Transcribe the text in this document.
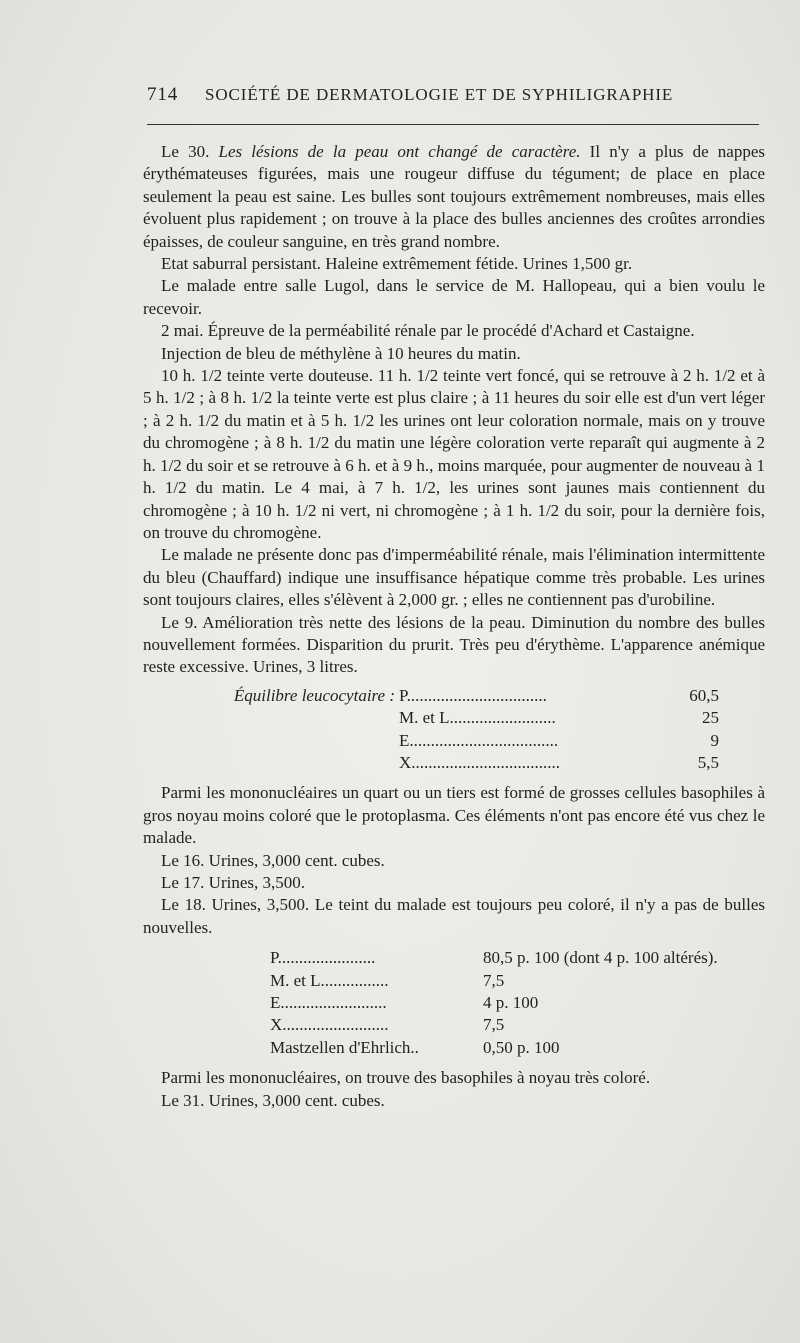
714 SOCIÉTÉ DE DERMATOLOGIE ET DE SYPHILIGRAPHIE

Le 30. Les lésions de la peau ont changé de caractère. Il n'y a plus de nappes érythémateuses figurées, mais une rougeur diffuse du tégument; de place en place seulement la peau est saine. Les bulles sont toujours extrêmement nombreuses, mais elles évoluent plus rapidement ; on trouve à la place des bulles anciennes des croûtes arrondies épaisses, de couleur sanguine, en très grand nombre.

Etat saburral persistant. Haleine extrêmement fétide. Urines 1,500 gr.

Le malade entre salle Lugol, dans le service de M. Hallopeau, qui a bien voulu le recevoir.

2 mai. Épreuve de la perméabilité rénale par le procédé d'Achard et Castaigne.

Injection de bleu de méthylène à 10 heures du matin.

10 h. 1/2 teinte verte douteuse. 11 h. 1/2 teinte vert foncé, qui se retrouve à 2 h. 1/2 et à 5 h. 1/2 ; à 8 h. 1/2 la teinte verte est plus claire ; à 11 heures du soir elle est d'un vert léger ; à 2 h. 1/2 du matin et à 5 h. 1/2 les urines ont leur coloration normale, mais on y trouve du chromogène ; à 8 h. 1/2 du matin une légère coloration verte reparaît qui augmente à 2 h. 1/2 du soir et se retrouve à 6 h. et à 9 h., moins marquée, pour augmenter de nouveau à 1 h. 1/2 du matin. Le 4 mai, à 7 h. 1/2, les urines sont jaunes mais contiennent du chromogène ; à 10 h. 1/2 ni vert, ni chromogène ; à 1 h. 1/2 du soir, pour la dernière fois, on trouve du chromogène.

Le malade ne présente donc pas d'imperméabilité rénale, mais l'élimination intermittente du bleu (Chauffard) indique une insuffisance hépatique comme très probable. Les urines sont toujours claires, elles s'élèvent à 2,000 gr. ; elles ne contiennent pas d'urobiline.

Le 9. Amélioration très nette des lésions de la peau. Diminution du nombre des bulles nouvellement formées. Disparition du prurit. Très peu d'érythème. L'apparence anémique reste excessive. Urines, 3 litres.

Équilibre leucocytaire : P.................................	60,5
M. et L.........................	25
E...................................	9
X...................................	5,5

Parmi les mononucléaires un quart ou un tiers est formé de grosses cellules basophiles à gros noyau moins coloré que le protoplasma. Ces éléments n'ont pas encore été vus chez le malade.

Le 16. Urines, 3,000 cent. cubes.

Le 17. Urines, 3,500.

Le 18. Urines, 3,500. Le teint du malade est toujours peu coloré, il n'y a pas de bulles nouvelles.

P.......................	80,5 p. 100 (dont 4 p. 100 altérés).
M. et L................	7,5
E.........................	4 p. 100
X.........................	7,5
Mastzellen d'Ehrlich..	0,50 p. 100

Parmi les mononucléaires, on trouve des basophiles à noyau très coloré.

Le 31. Urines, 3,000 cent. cubes.
